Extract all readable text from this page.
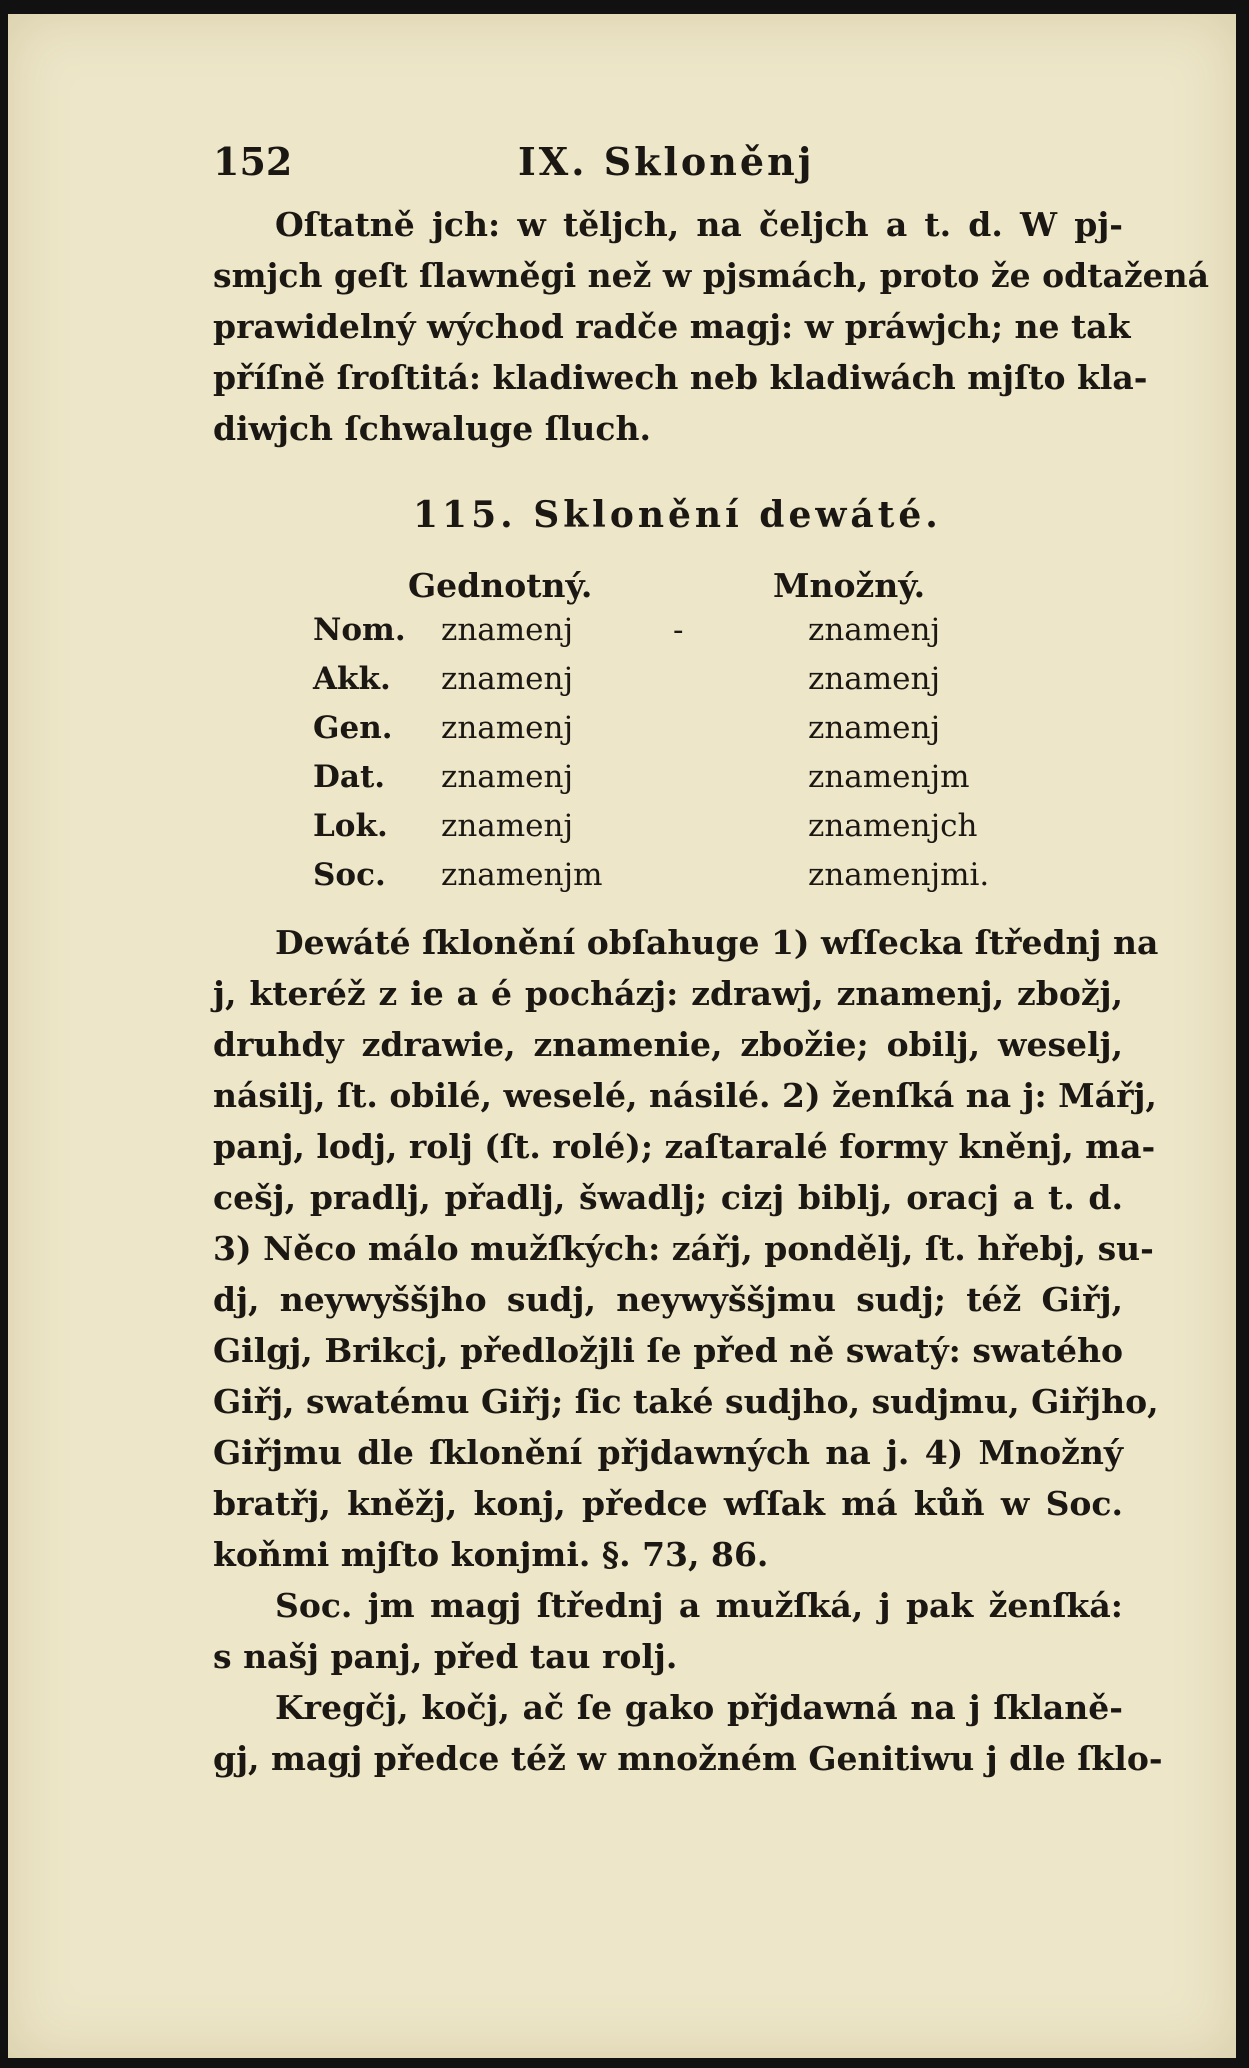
152	IX. Skloněnj

Oſtatně jch: w těljch, na čeljch a t. d. W pj-
smjch geſt ſlawněgi než w pjsmách, proto že odtažená
prawidelný wýchod radče magj: w práwjch; ne tak
příſně ſroſtitá: kladiwech neb kladiwách mjſto kla-
diwjch ſchwaluge ſluch.

115. Sklonění dewáté.
Gednotný.	Množný.
Nom. znamenj	-	znamenj
Akk. znamenj	znamenj
Gen. znamenj	znamenj
Dat. znamenj	znamenjm
Lok. znamenj	znamenjch
Soc. znamenjm	znamenjmi.

Dewáté ſklonění obſahuge 1) wſſecka ſtřednj na
j, kteréž z ie a é pocházj: zdrawj, znamenj, zbožj,
druhdy zdrawie, znamenie, zbožie; obilj, weselj,
násilj, ſt. obilé, weselé, násilé. 2) ženſká na j: Mářj,
panj, lodj, rolj (ſt. rolé); zaſtaralé formy kněnj, ma-
cešj, pradlj, přadlj, šwadlj; cizj biblj, oracj a t. d.
3) Něco málo mužſkých: zářj, pondělj, ſt. hřebj, su-
dj, neywyššjho sudj, neywyššjmu sudj; též Giřj,
Gilgj, Brikcj, předložjli ſe před ně swatý: swatého
Giřj, swatému Giřj; ſic také sudjho, sudjmu, Giřjho,
Giřjmu dle ſklonění přjdawných na j. 4) Množný
bratřj, kněžj, konj, předce wſſak má kůň w Soc.
koňmi mjſto konjmi. §. 73, 86.

Soc. jm magj ſtřednj a mužſká, j pak ženſká:
s našj panj, před tau rolj.

Kregčj, kočj, ač ſe gako přjdawná na j ſklaně-
gj, magj předce též w množném Genitiwu j dle ſklo-
